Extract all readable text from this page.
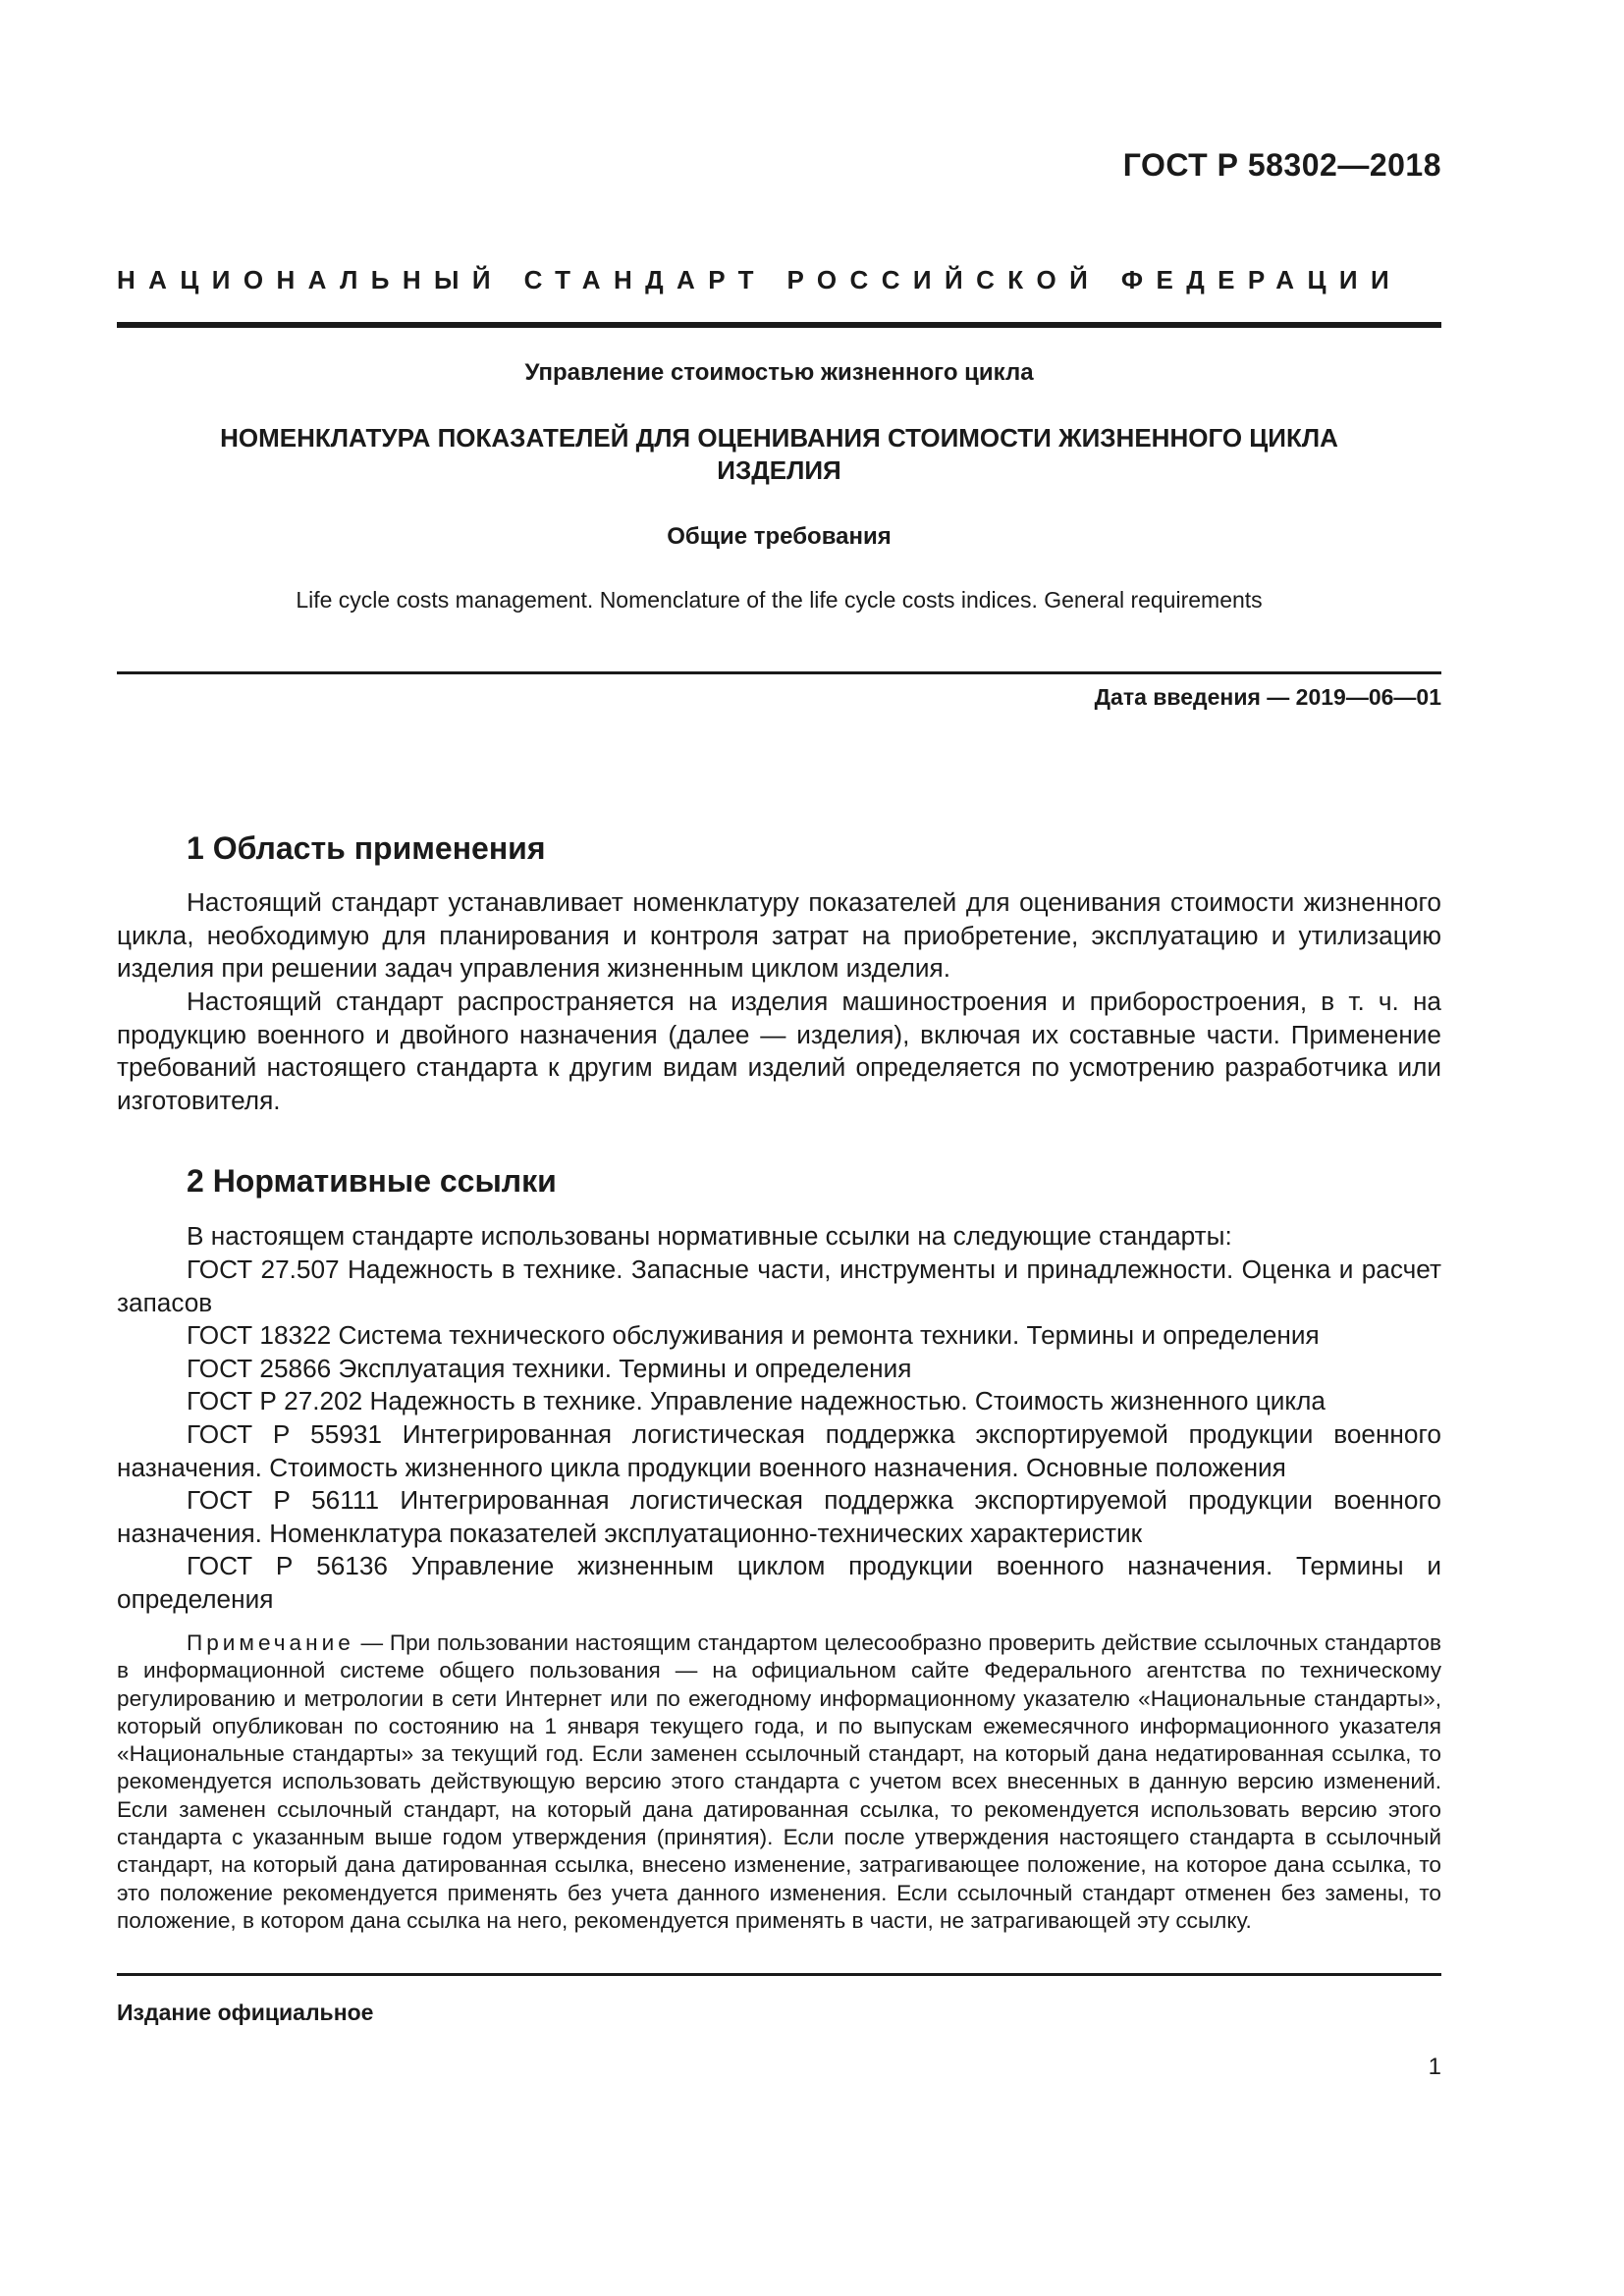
ГОСТ Р 58302—2018
НАЦИОНАЛЬНЫЙ СТАНДАРТ РОССИЙСКОЙ ФЕДЕРАЦИИ
Управление стоимостью жизненного цикла
НОМЕНКЛАТУРА ПОКАЗАТЕЛЕЙ ДЛЯ ОЦЕНИВАНИЯ СТОИМОСТИ ЖИЗНЕННОГО ЦИКЛА
ИЗДЕЛИЯ
Общие требования
Life cycle costs management. Nomenclature of the life cycle costs indices. General requirements
Дата введения — 2019—06—01
1 Область применения
Настоящий стандарт устанавливает номенклатуру показателей для оценивания стоимости жизненного цикла, необходимую для планирования и контроля затрат на приобретение, эксплуатацию и утилизацию изделия при решении задач управления жизненным циклом изделия.
Настоящий стандарт распространяется на изделия машиностроения и приборостроения, в т. ч. на продукцию военного и двойного назначения (далее — изделия), включая их составные части. Применение требований настоящего стандарта к другим видам изделий определяется по усмотрению разработчика или изготовителя.
2 Нормативные ссылки
В настоящем стандарте использованы нормативные ссылки на следующие стандарты:
ГОСТ 27.507 Надежность в технике. Запасные части, инструменты и принадлежности. Оценка и расчет запасов
ГОСТ 18322 Система технического обслуживания и ремонта техники. Термины и определения
ГОСТ 25866 Эксплуатация техники. Термины и определения
ГОСТ Р 27.202 Надежность в технике. Управление надежностью. Стоимость жизненного цикла
ГОСТ Р 55931 Интегрированная логистическая поддержка экспортируемой продукции военного назначения. Стоимость жизненного цикла продукции военного назначения. Основные положения
ГОСТ Р 56111 Интегрированная логистическая поддержка экспортируемой продукции военного назначения. Номенклатура показателей эксплуатационно-технических характеристик
ГОСТ Р 56136 Управление жизненным циклом продукции военного назначения. Термины и определения
Примечание — При пользовании настоящим стандартом целесообразно проверить действие ссылочных стандартов в информационной системе общего пользования — на официальном сайте Федерального агентства по техническому регулированию и метрологии в сети Интернет или по ежегодному информационному указателю «Национальные стандарты», который опубликован по состоянию на 1 января текущего года, и по выпускам ежемесячного информационного указателя «Национальные стандарты» за текущий год. Если заменен ссылочный стандарт, на который дана недатированная ссылка, то рекомендуется использовать действующую версию этого стандарта с учетом всех внесенных в данную версию изменений. Если заменен ссылочный стандарт, на который дана датированная ссылка, то рекомендуется использовать версию этого стандарта с указанным выше годом утверждения (принятия). Если после утверждения настоящего стандарта в ссылочный стандарт, на который дана датированная ссылка, внесено изменение, затрагивающее положение, на которое дана ссылка, то это положение рекомендуется применять без учета данного изменения. Если ссылочный стандарт отменен без замены, то положение, в котором дана ссылка на него, рекомендуется применять в части, не затрагивающей эту ссылку.
Издание официальное
1
